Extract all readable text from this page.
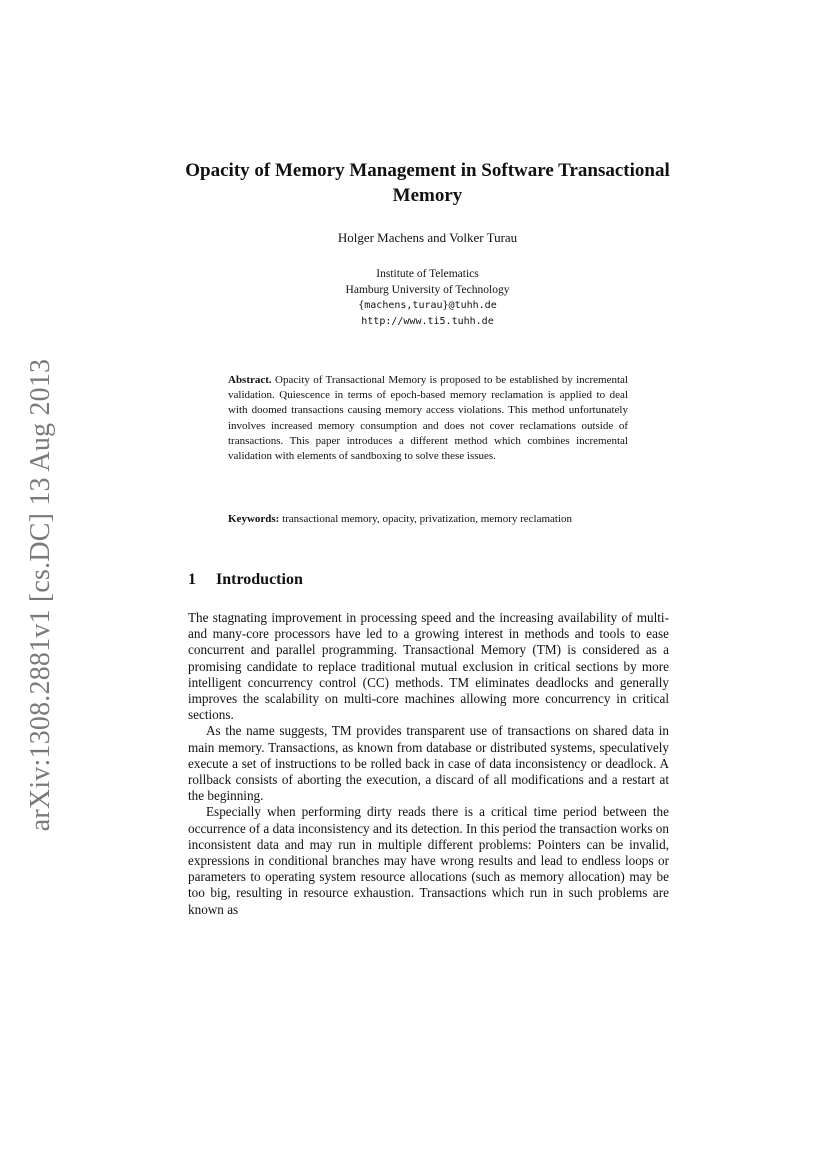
arXiv:1308.2881v1 [cs.DC] 13 Aug 2013
Opacity of Memory Management in Software Transactional Memory

Holger Machens and Volker Turau

Institute of Telematics
Hamburg University of Technology
{machens,turau}@tuhh.de
http://www.ti5.tuhh.de

Abstract. Opacity of Transactional Memory is proposed to be established by incremental validation. Quiescence in terms of epoch-based memory reclamation is applied to deal with doomed transactions causing memory access violations. This method unfortunately involves increased memory consumption and does not cover reclamations outside of transactions. This paper introduces a different method which combines incremental validation with elements of sandboxing to solve these issues.

Keywords: transactional memory, opacity, privatization, memory reclamation

1 Introduction

The stagnating improvement in processing speed and the increasing availability of multi- and many-core processors have led to a growing interest in methods and tools to ease concurrent and parallel programming. Transactional Memory (TM) is considered as a promising candidate to replace traditional mutual exclusion in critical sections by more intelligent concurrency control (CC) methods. TM eliminates deadlocks and generally improves the scalability on multi-core machines allowing more concurrency in critical sections.

As the name suggests, TM provides transparent use of transactions on shared data in main memory. Transactions, as known from database or distributed systems, speculatively execute a set of instructions to be rolled back in case of data inconsistency or deadlock. A rollback consists of aborting the execution, a discard of all modifications and a restart at the beginning.

Especially when performing dirty reads there is a critical time period between the occurrence of a data inconsistency and its detection. In this period the transaction works on inconsistent data and may run in multiple different problems: Pointers can be invalid, expressions in conditional branches may have wrong results and lead to endless loops or parameters to operating system resource allocations (such as memory allocation) may be too big, resulting in resource exhaustion. Transactions which run in such problems are known as
